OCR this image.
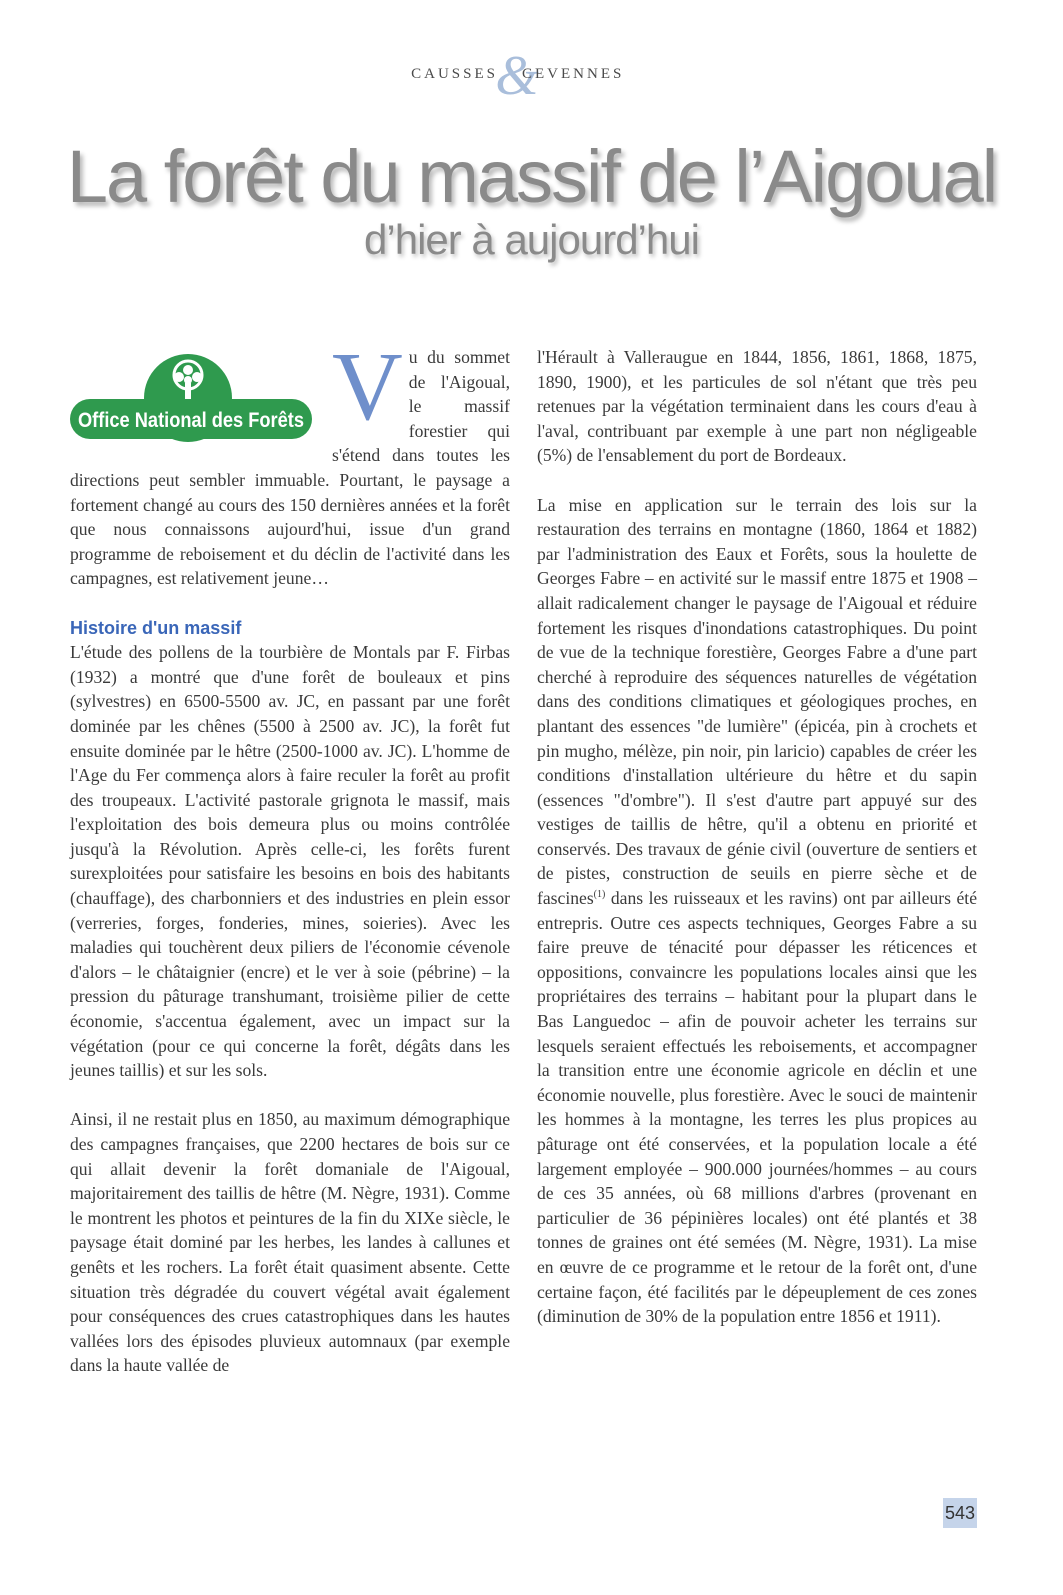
CAUSSES
&
CEVENNES
La forêt du massif de l’Aigoual
d’hier à aujourd’hui
Office National des Forêts Vu du sommet de l'Aigoual, le massif forestier qui s'étend dans toutes les directions peut sembler immuable. Pourtant, le paysage a fortement changé au cours des 150 dernières années et la forêt que nous connaissons aujourd'hui, issue d'un grand programme de reboisement et du déclin de l'activité dans les campagnes, est relativement jeune…

Histoire d'un massif

L'étude des pollens de la tourbière de Montals par F. Firbas (1932) a montré que d'une forêt de bouleaux et pins (sylvestres) en 6500-5500 av. JC, en passant par une forêt dominée par les chênes (5500 à 2500 av. JC), la forêt fut ensuite dominée par le hêtre (2500-1000 av. JC). L'homme de l'Age du Fer commença alors à faire reculer la forêt au profit des troupeaux. L'activité pastorale grignota le massif, mais l'exploitation des bois demeura plus ou moins contrôlée jusqu'à la Révolution. Après celle-ci, les forêts furent surexploitées pour satisfaire les besoins en bois des habitants (chauffage), des charbonniers et des industries en plein essor (verreries, forges, fonderies, mines, soieries). Avec les maladies qui touchèrent deux piliers de l'économie cévenole d'alors – le châtaignier (encre) et le ver à soie (pébrine) – la pression du pâturage transhumant, troisième pilier de cette économie, s'accentua également, avec un impact sur la végétation (pour ce qui concerne la forêt, dégâts dans les jeunes taillis) et sur les sols.

Ainsi, il ne restait plus en 1850, au maximum démographique des campagnes françaises, que 2200 hectares de bois sur ce qui allait devenir la forêt domaniale de l'Aigoual, majoritairement des taillis de hêtre (M. Nègre, 1931). Comme le montrent les photos et peintures de la fin du XIXe siècle, le paysage était dominé par les herbes, les landes à callunes et genêts et les rochers. La forêt était quasiment absente. Cette situation très dégradée du couvert végétal avait également pour conséquences des crues catastrophiques dans les hautes vallées lors des épisodes pluvieux automnaux (par exemple dans la haute vallée de

l'Hérault à Valleraugue en 1844, 1856, 1861, 1868, 1875, 1890, 1900), et les particules de sol n'étant que très peu retenues par la végétation terminaient dans les cours d'eau à l'aval, contribuant par exemple à une part non négligeable (5%) de l'ensablement du port de Bordeaux.

La mise en application sur le terrain des lois sur la restauration des terrains en montagne (1860, 1864 et 1882) par l'administration des Eaux et Forêts, sous la houlette de Georges Fabre – en activité sur le massif entre 1875 et 1908 – allait radicalement changer le paysage de l'Aigoual et réduire fortement les risques d'inondations catastrophiques. Du point de vue de la technique forestière, Georges Fabre a d'une part cherché à reproduire des séquences naturelles de végétation dans des conditions climatiques et géologiques proches, en plantant des essences "de lumière" (épicéa, pin à crochets et pin mugho, mélèze, pin noir, pin laricio) capables de créer les conditions d'installation ultérieure du hêtre et du sapin (essences "d'ombre"). Il s'est d'autre part appuyé sur des vestiges de taillis de hêtre, qu'il a obtenu en priorité et conservés. Des travaux de génie civil (ouverture de sentiers et de pistes, construction de seuils en pierre sèche et de fascines$^{(1)}$ dans les ruisseaux et les ravins) ont par ailleurs été entrepris. Outre ces aspects techniques, Georges Fabre a su faire preuve de ténacité pour dépasser les réticences et oppositions, convaincre les populations locales ainsi que les propriétaires des terrains – habitant pour la plupart dans le Bas Languedoc – afin de pouvoir acheter les terrains sur lesquels seraient effectués les reboisements, et accompagner la transition entre une économie agricole en déclin et une économie nouvelle, plus forestière. Avec le souci de maintenir les hommes à la montagne, les terres les plus propices au pâturage ont été conservées, et la population locale a été largement employée – 900.000 journées/hommes – au cours de ces 35 années, où 68 millions d'arbres (provenant en particulier de 36 pépinières locales) ont été plantés et 38 tonnes de graines ont été semées (M. Nègre, 1931). La mise en œuvre de ce programme et le retour de la forêt ont, d'une certaine façon, été facilités par le dépeuplement de ces zones (diminution de 30% de la population entre 1856 et 1911).

543
